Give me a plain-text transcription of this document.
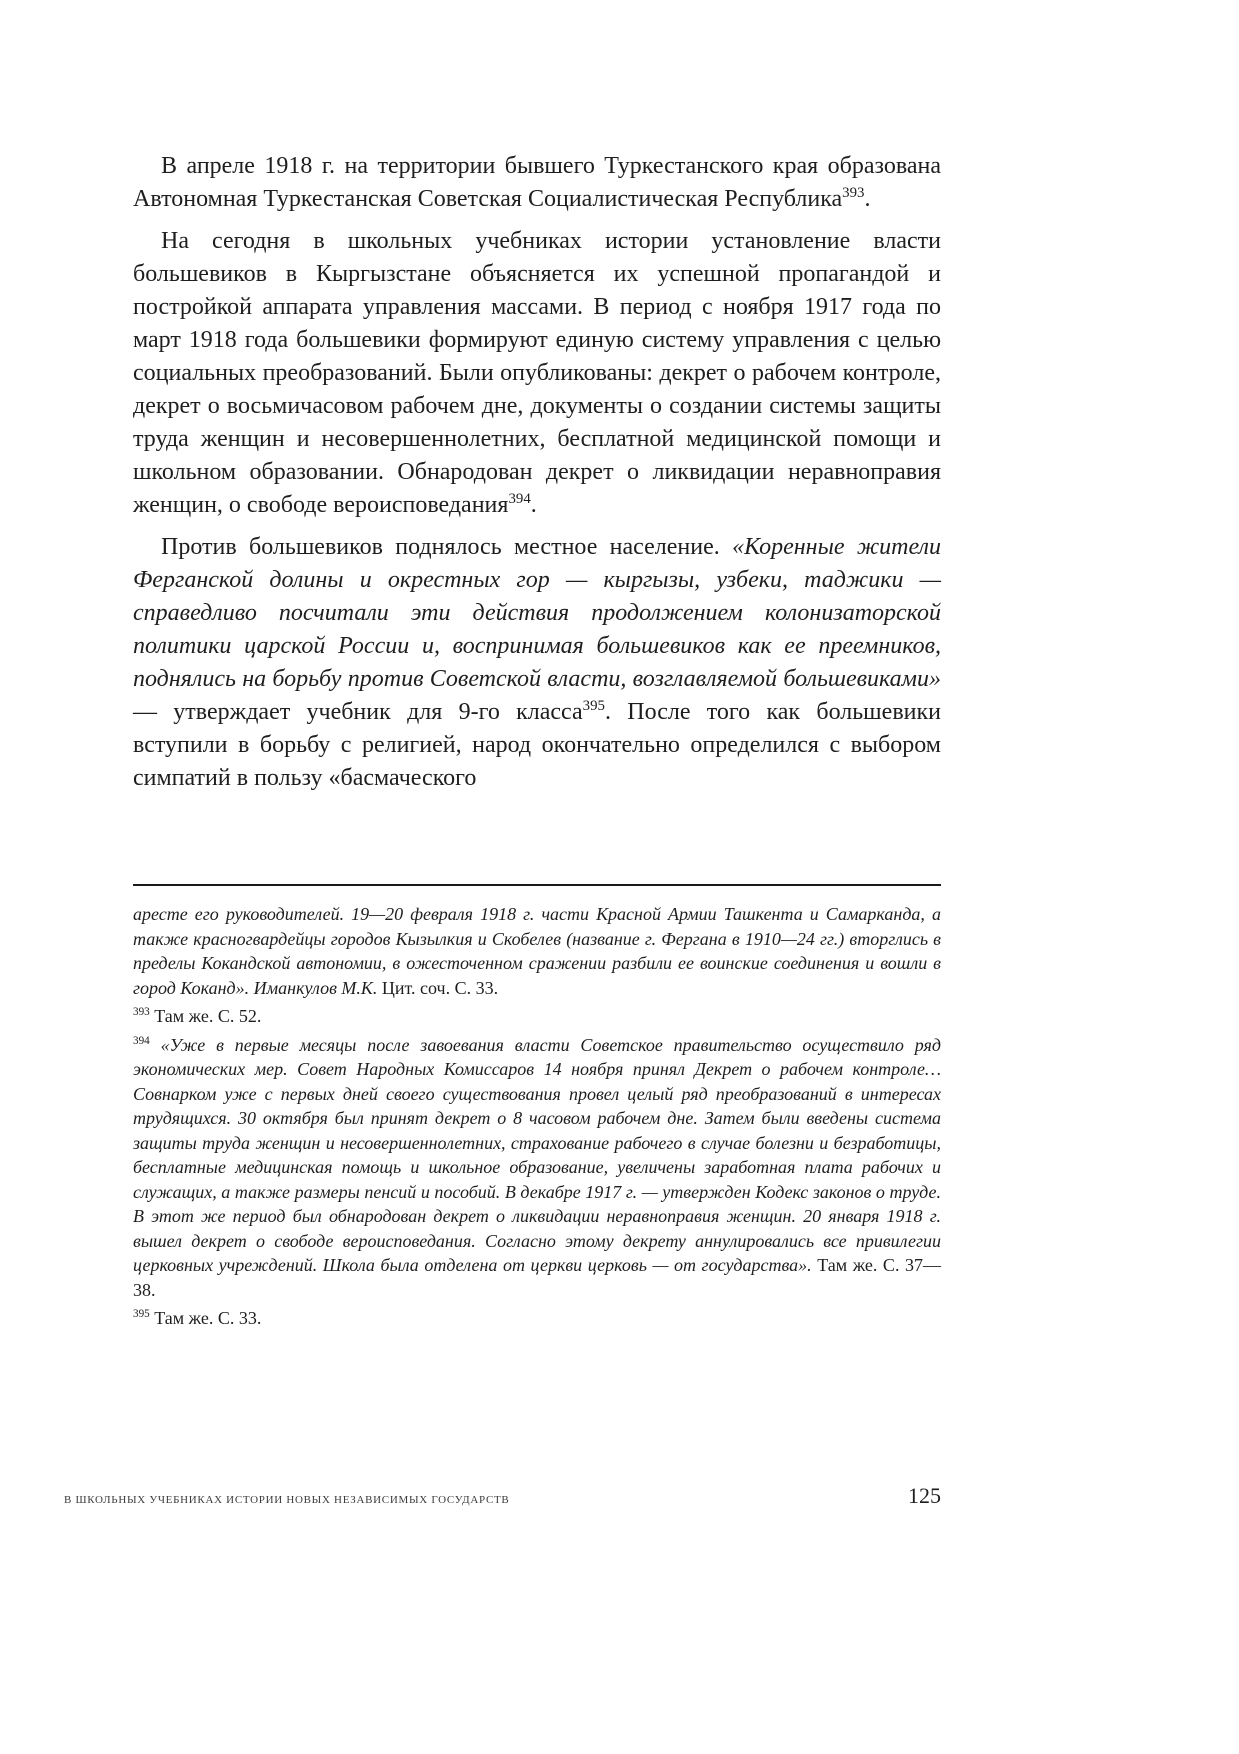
В апреле 1918 г. на территории бывшего Туркестанского края образована Автономная Туркестанская Советская Социалистическая Республика$^{393}$.

На сегодня в школьных учебниках истории установление власти большевиков в Кыргызстане объясняется их успешной пропагандой и постройкой аппарата управления массами. В период с ноября 1917 года по март 1918 года большевики формируют единую систему управления с целью социальных преобразований. Были опубликованы: декрет о рабочем контроле, декрет о восьмичасовом рабочем дне, документы о создании системы защиты труда женщин и несовершеннолетних, бесплатной медицинской помощи и школьном образовании. Обнародован декрет о ликвидации неравноправия женщин, о свободе вероисповедания$^{394}$.

Против большевиков поднялось местное население. «Коренные жители Ферганской долины и окрестных гор — кыргызы, узбеки, таджики — справедливо посчитали эти действия продолжением колонизаторской политики царской России и, воспринимая большевиков как ее преемников, поднялись на борьбу против Советской власти, возглавляемой большевиками» — утверждает учебник для 9-го класса$^{395}$. После того как большевики вступили в борьбу с религией, народ окончательно определился с выбором симпатий в пользу «басмаческого

аресте его руководителей. 19—20 февраля 1918 г. части Красной Армии Ташкента и Самарканда, а также красногвардейцы городов Кызылкия и Скобелев (название г. Фергана в 1910—24 гг.) вторглись в пределы Кокандской автономии, в ожесточенном сражении разбили ее воинские соединения и вошли в город Коканд». Иманкулов М.К. Цит. соч. С. 33.

$^{393}$ Там же. С. 52.

$^{394}$ «Уже в первые месяцы после завоевания власти Советское правительство осуществило ряд экономических мер. Совет Народных Комиссаров 14 ноября принял Декрет о рабочем контроле…Совнарком уже с первых дней своего существования провел целый ряд преобразований в интересах трудящихся. 30 октября был принят декрет о 8 часовом рабочем дне. Затем были введены система защиты труда женщин и несовершеннолетних, страхование рабочего в случае болезни и безработицы, бесплатные медицинская помощь и школьное образование, увеличены заработная плата рабочих и служащих, а также размеры пенсий и пособий. В декабре 1917 г. — утвержден Кодекс законов о труде. В этот же период был обнародован декрет о ликвидации неравноправия женщин. 20 января 1918 г. вышел декрет о свободе вероисповедания. Согласно этому декрету аннулировались все привилегии церковных учреждений. Школа была отделена от церкви церковь — от государства». Там же. С. 37—38.

$^{395}$ Там же. С. 33.

В ШКОЛЬНЫХ УЧЕБНИКАХ ИСТОРИИ НОВЫХ НЕЗАВИСИМЫХ ГОСУДАРСТВ	125
